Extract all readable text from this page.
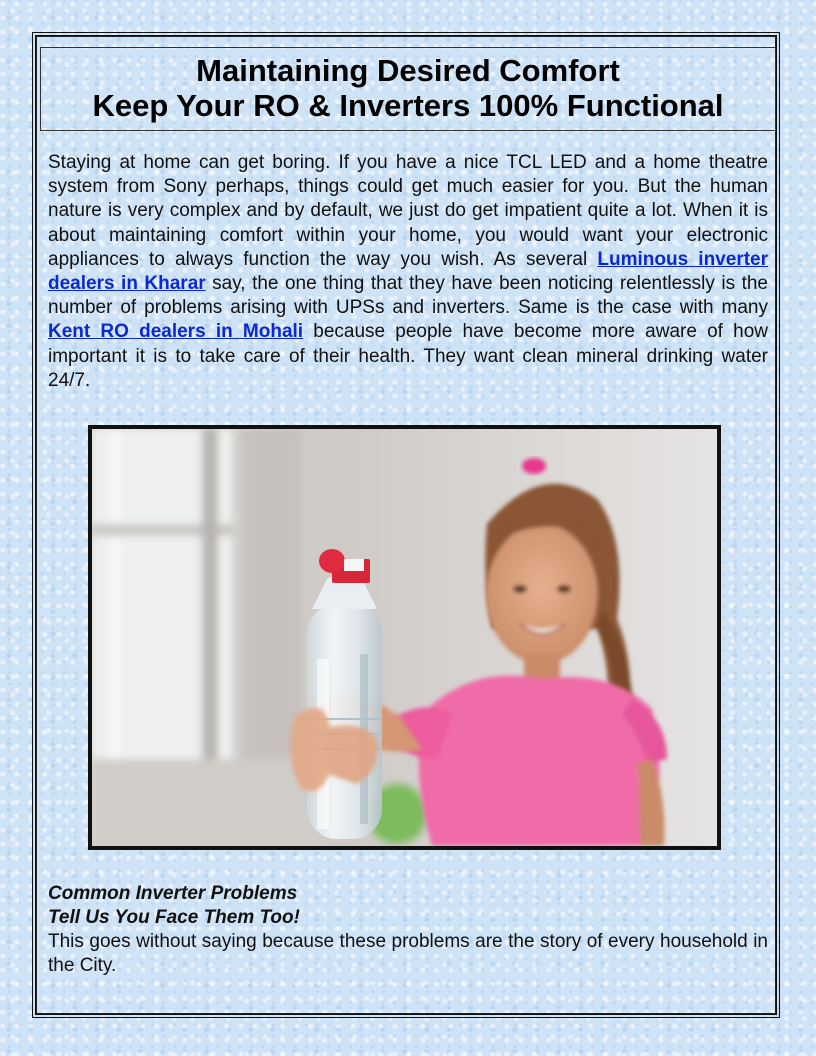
Maintaining Desired Comfort
Keep Your RO & Inverters 100% Functional

Staying at home can get boring. If you have a nice TCL LED and a home theatre system from Sony perhaps, things could get much easier for you. But the human nature is very complex and by default, we just do get impatient quite a lot. When it is about maintaining comfort within your home, you would want your electronic appliances to always function the way you wish. As several Luminous inverter dealers in Kharar say, the one thing that they have been noticing relentlessly is the number of problems arising with UPSs and inverters. Same is the case with many Kent RO dealers in Mohali because people have become more aware of how important it is to take care of their health. They want clean mineral drinking water 24/7.

Common Inverter Problems

Tell Us You Face Them Too!

This goes without saying because these problems are the story of every household in the City.
